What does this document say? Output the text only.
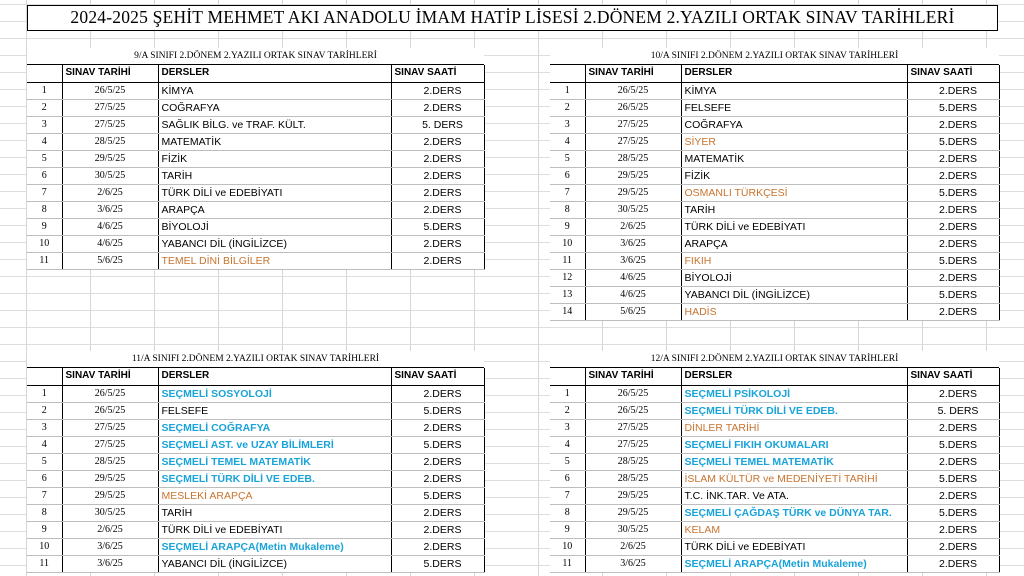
2024-2025 ŞEHİT MEHMET AKI ANADOLU İMAM HATİP LİSESİ 2.DÖNEM 2.YAZILI ORTAK SINAV TARİHLERİ
9/A SINIFI 2.DÖNEM 2.YAZILI ORTAK SINAV TARİHLERİ
	SINAV TARİHİ	DERSLER	SINAV SAATİ
1	26/5/25	KİMYA	2.DERS
2	27/5/25	COĞRAFYA	2.DERS
3	27/5/25	SAĞLIK BİLG. ve TRAF. KÜLT.	5. DERS
4	28/5/25	MATEMATİK	2.DERS
5	29/5/25	FİZİK	2.DERS
6	30/5/25	TARİH	2.DERS
7	2/6/25	TÜRK DİLİ ve EDEBİYATI	2.DERS
8	3/6/25	ARAPÇA	2.DERS
9	4/6/25	BİYOLOJİ	5.DERS
10	4/6/25	YABANCI DİL (İNGİLİZCE)	2.DERS
11	5/6/25	TEMEL DİNİ BİLGİLER	2.DERS
10/A SINIFI 2.DÖNEM 2.YAZILI ORTAK SINAV TARİHLERİ
	SINAV TARİHİ	DERSLER	SINAV SAATİ
1	26/5/25	KİMYA	2.DERS
2	26/5/25	FELSEFE	5.DERS
3	27/5/25	COĞRAFYA	2.DERS
4	27/5/25	SİYER	5.DERS
5	28/5/25	MATEMATİK	2.DERS
6	29/5/25	FİZİK	2.DERS
7	29/5/25	OSMANLI TÜRKÇESİ	5.DERS
8	30/5/25	TARİH	2.DERS
9	2/6/25	TÜRK DİLİ ve EDEBİYATI	2.DERS
10	3/6/25	ARAPÇA	2.DERS
11	3/6/25	FIKIH	5.DERS
12	4/6/25	BİYOLOJİ	2.DERS
13	4/6/25	YABANCI DİL (İNGİLİZCE)	5.DERS
14	5/6/25	HADİS	2.DERS
11/A SINIFI 2.DÖNEM 2.YAZILI ORTAK SINAV TARİHLERİ
	SINAV TARİHİ	DERSLER	SINAV SAATİ
1	26/5/25	SEÇMELİ SOSYOLOJİ	2.DERS
2	26/5/25	FELSEFE	5.DERS
3	27/5/25	SEÇMELİ COĞRAFYA	2.DERS
4	27/5/25	SEÇMELİ AST. ve UZAY BİLİMLERİ	5.DERS
5	28/5/25	SEÇMELİ TEMEL MATEMATİK	2.DERS
6	29/5/25	SEÇMELİ TÜRK DİLİ VE EDEB.	2.DERS
7	29/5/25	MESLEKİ ARAPÇA	5.DERS
8	30/5/25	TARİH	2.DERS
9	2/6/25	TÜRK DİLİ ve EDEBİYATI	2.DERS
10	3/6/25	SEÇMELİ ARAPÇA(Metin Mukaleme)	2.DERS
11	3/6/25	YABANCI DİL (İNGİLİZCE)	5.DERS
12/A SINIFI 2.DÖNEM 2.YAZILI ORTAK SINAV TARİHLERİ
	SINAV TARİHİ	DERSLER	SINAV SAATİ
1	26/5/25	SEÇMELİ PSİKOLOJİ	2.DERS
2	26/5/25	SEÇMELİ TÜRK DİLİ VE EDEB.	5. DERS
3	27/5/25	DİNLER TARİHİ	2.DERS
4	27/5/25	SEÇMELİ FIKIH OKUMALARI	5.DERS
5	28/5/25	SEÇMELİ TEMEL MATEMATİK	2.DERS
6	28/5/25	İSLAM KÜLTÜR ve MEDENİYETİ TARİHİ	5.DERS
7	29/5/25	T.C. İNK.TAR. Ve ATA.	2.DERS
8	29/5/25	SEÇMELİ ÇAĞDAŞ TÜRK ve DÜNYA TAR.	5.DERS
9	30/5/25	KELAM	2.DERS
10	2/6/25	TÜRK DİLİ ve EDEBİYATI	2.DERS
11	3/6/25	SEÇMELİ ARAPÇA(Metin Mukaleme)	2.DERS
